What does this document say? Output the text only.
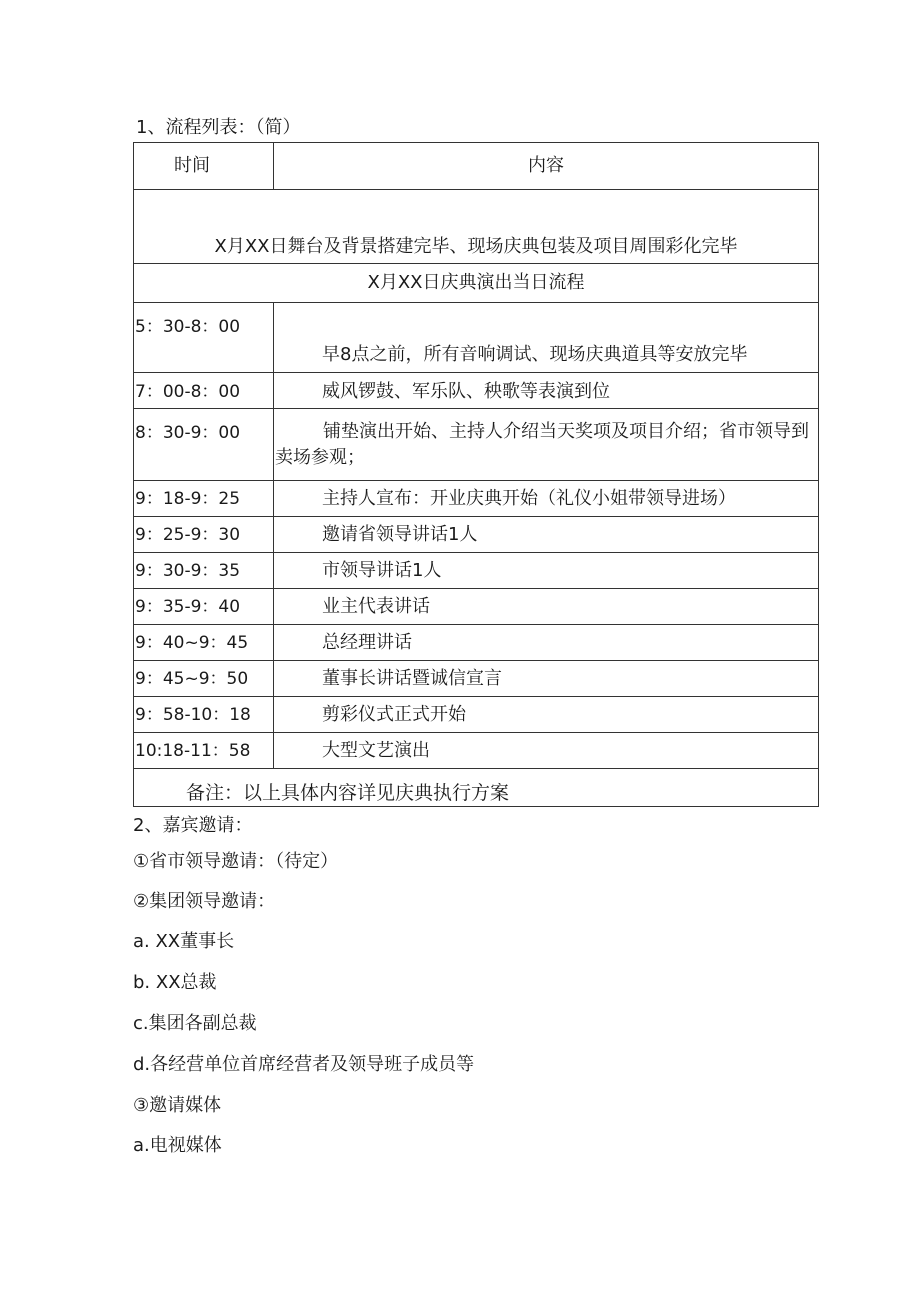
1、流程列表：（简）
时间	内容

X月XX日舞台及背景搭建完毕、现场庆典包装及项目周围彩化完毕	

X月XX日庆典演出当日流程	

5：30-8：00	早8点之前，所有音响调试、现场庆典道具等安放完毕

7：00-8：00	威风锣鼓、军乐队、秧歌等表演到位

8：30-9：00	铺垫演出开始、主持人介绍当天奖项及项目介绍；省市领导到卖场参观；

9：18-9：25	主持人宣布：开业庆典开始（礼仪小姐带领导进场）

9：25-9：30	邀请省领导讲话1人

9：30-9：35	市领导讲话1人

9：35-9：40	业主代表讲话

9：40~9：45	总经理讲话

9：45~9：50	董事长讲话暨诚信宣言

9：58-10：18	剪彩仪式正式开始

10:18-11：58	大型文艺演出

备注：以上具体内容详见庆典执行方案	
2、嘉宾邀请：
①省市领导邀请：（待定）
②集团领导邀请：
a. XX董事长
b. XX总裁
c.集团各副总裁
d.各经营单位首席经营者及领导班子成员等
③邀请媒体
a.电视媒体
